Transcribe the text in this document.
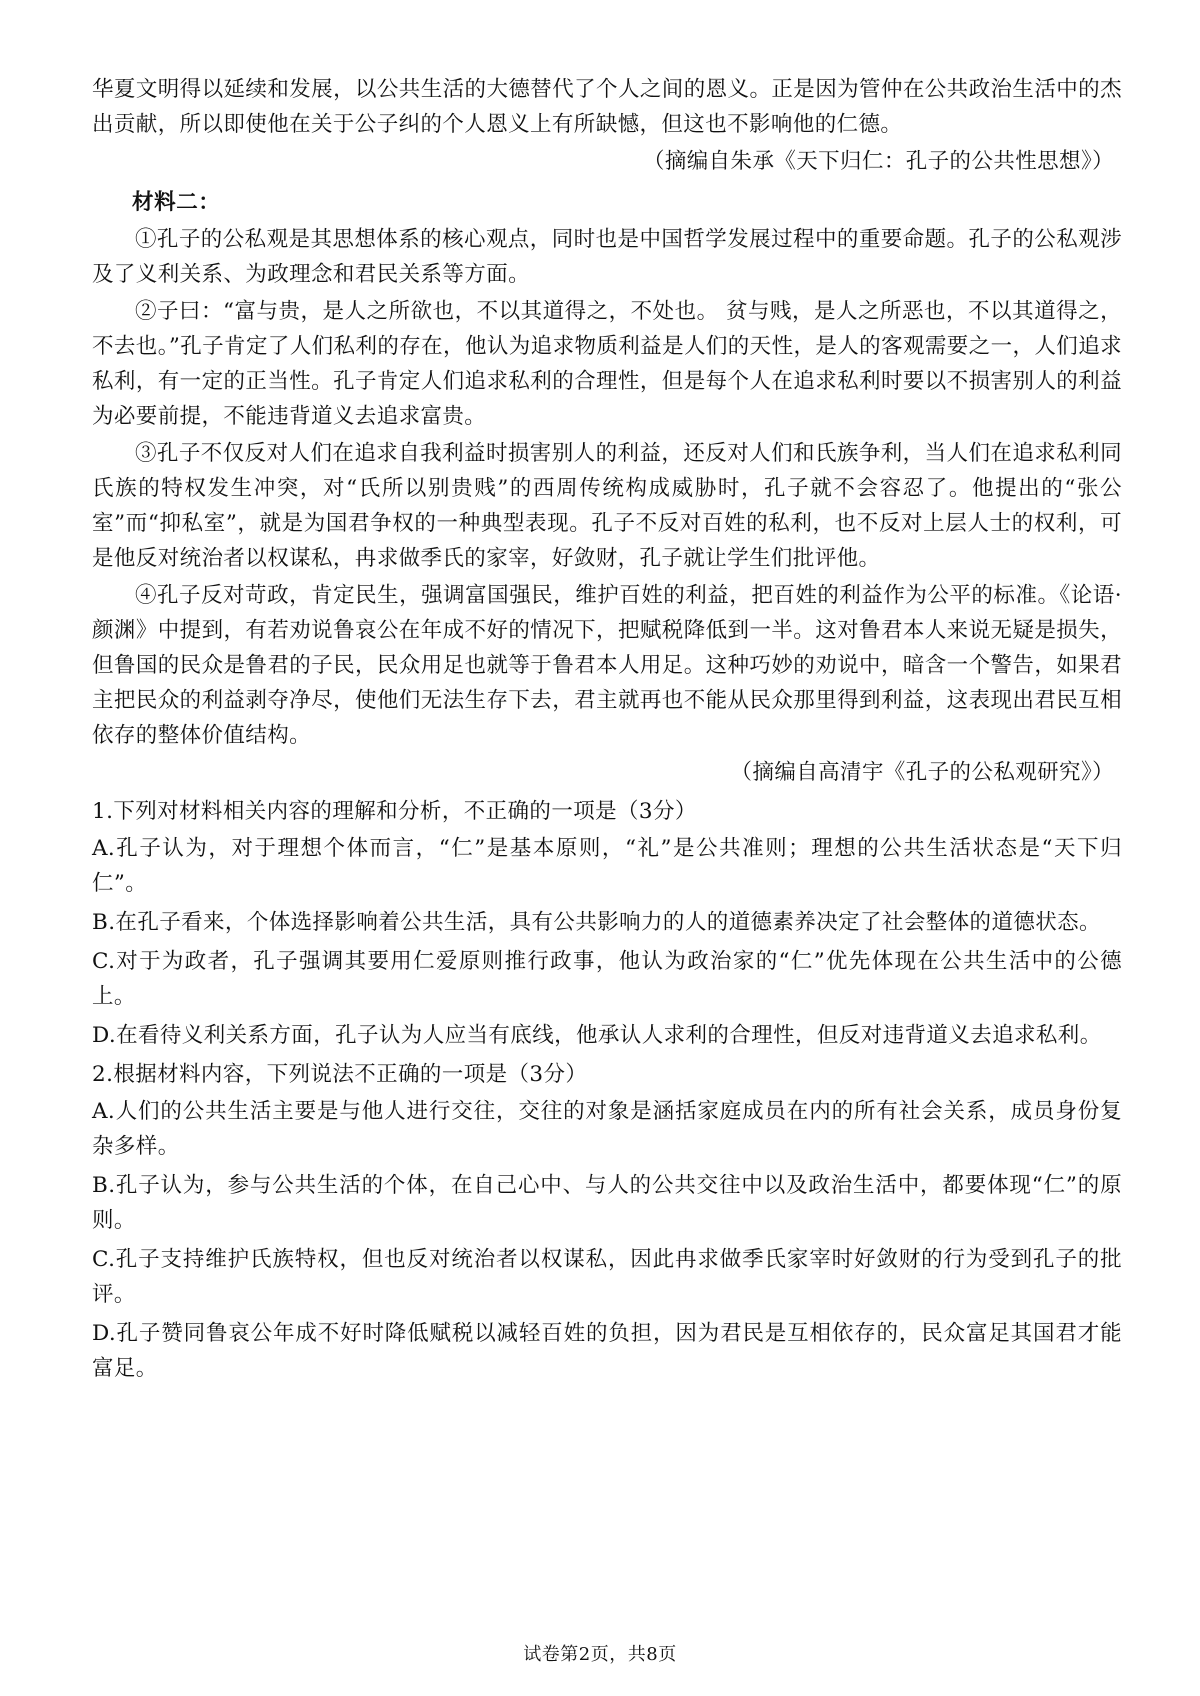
华夏文明得以延续和发展，以公共生活的大德替代了个人之间的恩义。正是因为管仲在公共政治生活中的杰出贡献，所以即使他在关于公子纠的个人恩义上有所缺憾，但这也不影响他的仁德。

（摘编自朱承《天下归仁：孔子的公共性思想》）

材料二：

①孔子的公私观是其思想体系的核心观点，同时也是中国哲学发展过程中的重要命题。孔子的公私观涉及了义利关系、为政理念和君民关系等方面。

②子曰：“富与贵，是人之所欲也，不以其道得之，不处也。 贫与贱，是人之所恶也，不以其道得之，不去也。”孔子肯定了人们私利的存在，他认为追求物质利益是人们的天性，是人的客观需要之一，人们追求私利，有一定的正当性。孔子肯定人们追求私利的合理性，但是每个人在追求私利时要以不损害别人的利益为必要前提，不能违背道义去追求富贵。

③孔子不仅反对人们在追求自我利益时损害别人的利益，还反对人们和氏族争利，当人们在追求私利同氏族的特权发生冲突，对“氏所以别贵贱”的西周传统构成威胁时，孔子就不会容忍了。他提出的“张公室”而“抑私室”，就是为国君争权的一种典型表现。孔子不反对百姓的私利，也不反对上层人士的权利，可是他反对统治者以权谋私，冉求做季氏的家宰，好敛财，孔子就让学生们批评他。

④孔子反对苛政，肯定民生，强调富国强民，维护百姓的利益，把百姓的利益作为公平的标准。《论语·颜渊》中提到，有若劝说鲁哀公在年成不好的情况下，把赋税降低到一半。这对鲁君本人来说无疑是损失，但鲁国的民众是鲁君的子民，民众用足也就等于鲁君本人用足。这种巧妙的劝说中，暗含一个警告，如果君主把民众的利益剥夺净尽，使他们无法生存下去，君主就再也不能从民众那里得到利益，这表现出君民互相依存的整体价值结构。

（摘编自高清宇《孔子的公私观研究》）

1.下列对材料相关内容的理解和分析，不正确的一项是（3分）

A.孔子认为，对于理想个体而言，“仁”是基本原则，“礼”是公共准则；理想的公共生活状态是“天下归仁”。

B.在孔子看来，个体选择影响着公共生活，具有公共影响力的人的道德素养决定了社会整体的道德状态。

C.对于为政者，孔子强调其要用仁爱原则推行政事，他认为政治家的“仁”优先体现在公共生活中的公德上。

D.在看待义利关系方面，孔子认为人应当有底线，他承认人求利的合理性，但反对违背道义去追求私利。

2.根据材料内容，下列说法不正确的一项是（3分）

A.人们的公共生活主要是与他人进行交往，交往的对象是涵括家庭成员在内的所有社会关系，成员身份复杂多样。

B.孔子认为，参与公共生活的个体，在自己心中、与人的公共交往中以及政治生活中，都要体现“仁”的原则。

C.孔子支持维护氏族特权，但也反对统治者以权谋私，因此冉求做季氏家宰时好敛财的行为受到孔子的批评。

D.孔子赞同鲁哀公年成不好时降低赋税以减轻百姓的负担，因为君民是互相依存的，民众富足其国君才能富足。

试卷第2页，共8页
